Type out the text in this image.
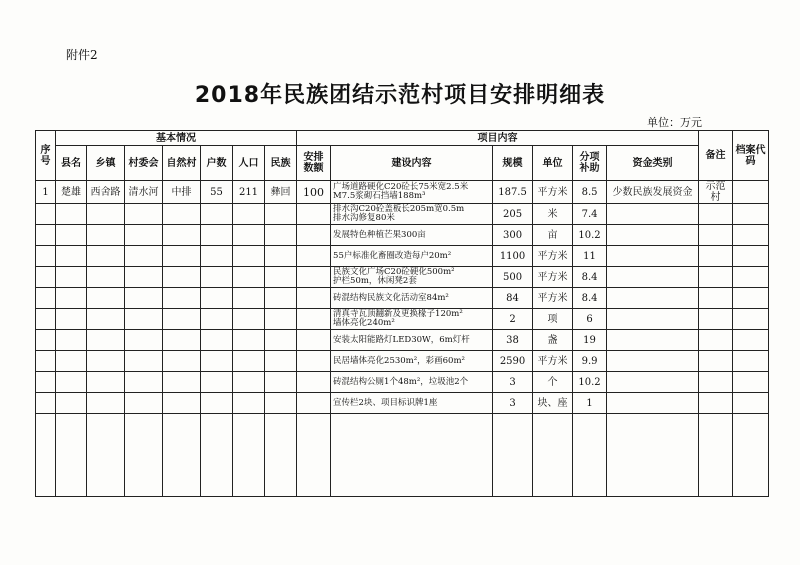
附件2
2018年民族团结示范村项目安排明细表
单位：万元
序号	基本情况							项目内容						备注	档案代码
	县名	乡镇	村委会	自然村	户数	人口	民族	安排数额	建设内容	规模	单位	分项补助	资金类别		
1	楚雄	西舍路	清水河	中排	55	211	彝回	100	广场道路硬化C20砼长75米宽2.5米
M7.5浆砌石挡墙188m³	187.5	平方米	8.5	少数民族发展资金	示范村	
									排水沟C20砼盖板长205m宽0.5m
排水沟修复80米	205	米	7.4			
									发展特色种植芒果300亩	300	亩	10.2			
									55户标准化畜圈改造每户20m²	1100	平方米	11			
									民族文化广场C20砼硬化500m²
护栏50m，休闲凳2套	500	平方米	8.4			
									砖混结构民族文化活动室84m²	84	平方米	8.4			
									清真寺瓦顶翻新及更换椽子120m²
墙体亮化240m²	2	项	6			
									安装太阳能路灯LED30W，6m灯杆	38	盏	19			
									民居墙体亮化2530m²，彩画60m²	2590	平方米	9.9			
									砖混结构公厕1个48m²，垃圾池2个	3	个	10.2			
									宣传栏2块、项目标识牌1座	3	块、座	1			
